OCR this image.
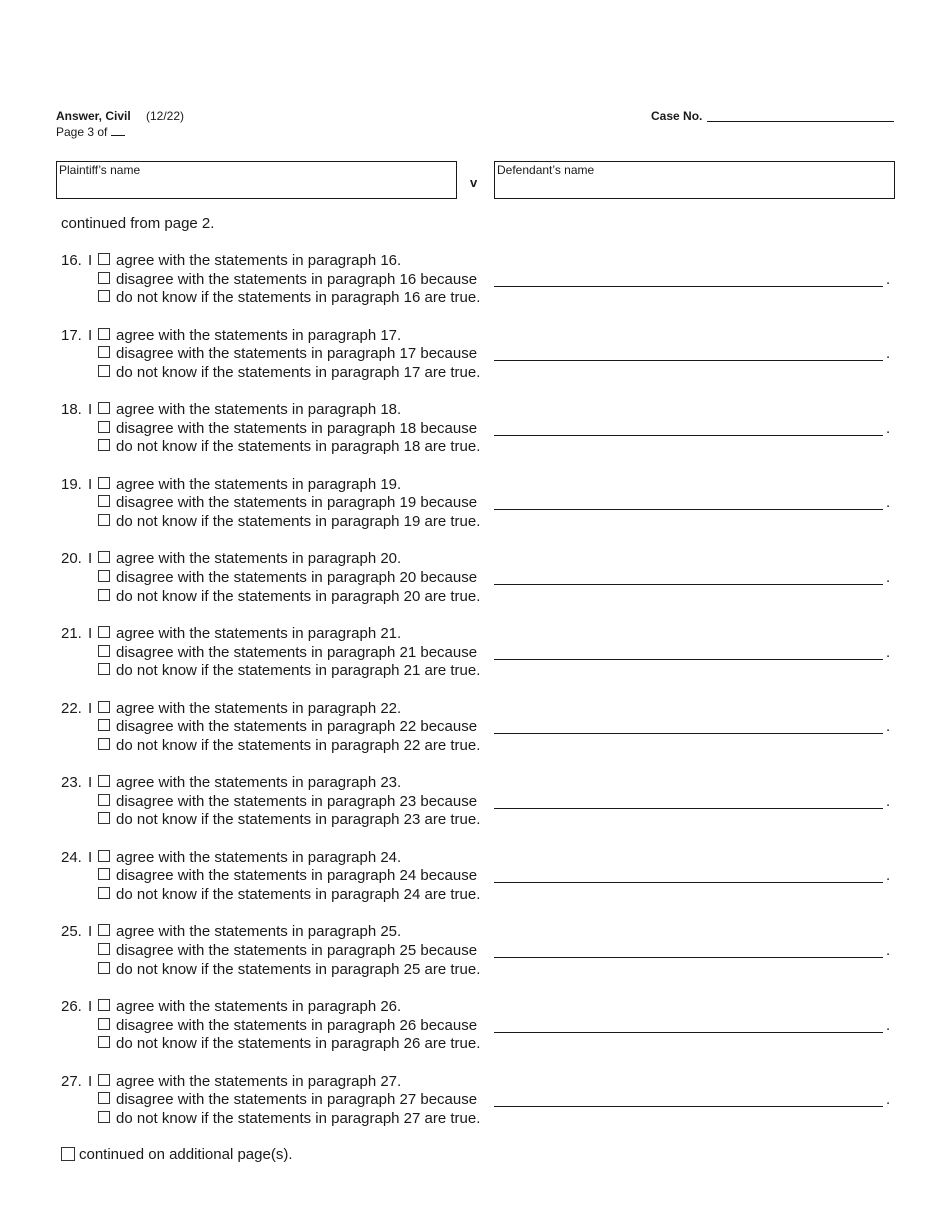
Answer, Civil (12/22)
Page 3 of
Case No.
Plaintiff’s name
v
Defendant’s name
continued from page 2.
16. I agree with the statements in paragraph 16.
disagree with the statements in paragraph 16 because	.
do not know if the statements in paragraph 16 are true.
17. I agree with the statements in paragraph 17.
disagree with the statements in paragraph 17 because	.
do not know if the statements in paragraph 17 are true.
18. I agree with the statements in paragraph 18.
disagree with the statements in paragraph 18 because	.
do not know if the statements in paragraph 18 are true.
19. I agree with the statements in paragraph 19.
disagree with the statements in paragraph 19 because	.
do not know if the statements in paragraph 19 are true.
20. I agree with the statements in paragraph 20.
disagree with the statements in paragraph 20 because	.
do not know if the statements in paragraph 20 are true.
21. I agree with the statements in paragraph 21.
disagree with the statements in paragraph 21 because	.
do not know if the statements in paragraph 21 are true.
22. I agree with the statements in paragraph 22.
disagree with the statements in paragraph 22 because	.
do not know if the statements in paragraph 22 are true.
23. I agree with the statements in paragraph 23.
disagree with the statements in paragraph 23 because	.
do not know if the statements in paragraph 23 are true.
24. I agree with the statements in paragraph 24.
disagree with the statements in paragraph 24 because	.
do not know if the statements in paragraph 24 are true.
25. I agree with the statements in paragraph 25.
disagree with the statements in paragraph 25 because	.
do not know if the statements in paragraph 25 are true.
26. I agree with the statements in paragraph 26.
disagree with the statements in paragraph 26 because	.
do not know if the statements in paragraph 26 are true.
27. I agree with the statements in paragraph 27.
disagree with the statements in paragraph 27 because	.
do not know if the statements in paragraph 27 are true.
continued on additional page(s).
